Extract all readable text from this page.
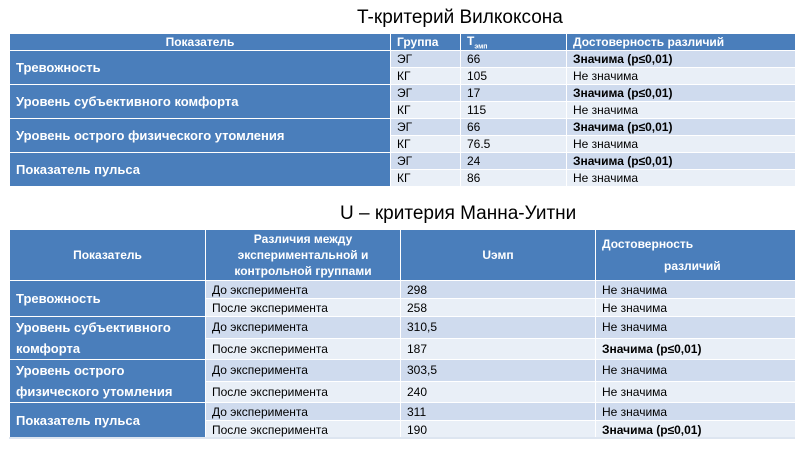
T-критерий Вилкоксона
Показатель	Группа	$T_{эмп}$	Достоверность различий
Тревожность	ЭГ	66	Значима (p≤0,01)
	КГ	105	Не значима
Уровень субъективного комфорта	ЭГ	17	Значима (p≤0,01)
	КГ	115	Не значима
Уровень острого физического утомления	ЭГ	66	Значима (p≤0,01)
	КГ	76.5	Не значима
Показатель пульса	ЭГ	24	Значима (p≤0,01)
	КГ	86	Не значима
U – критерия Манна-Уитни
Показатель	Различия между экспериментальной и контрольной группами	Uэмп	Достоверность
различий
Тревожность	До эксперимента	298	Не значима
	После эксперимента	258	Не значима
Уровень субъективного комфорта	До эксперимента	310,5	Не значима
	После эксперимента	187	Значима (p≤0,01)
Уровень острого физического утомления	До эксперимента	303,5	Не значима
	После эксперимента	240	Не значима
Показатель пульса	До эксперимента	311	Не значима
	После эксперимента	190	Значима (p≤0,01)
